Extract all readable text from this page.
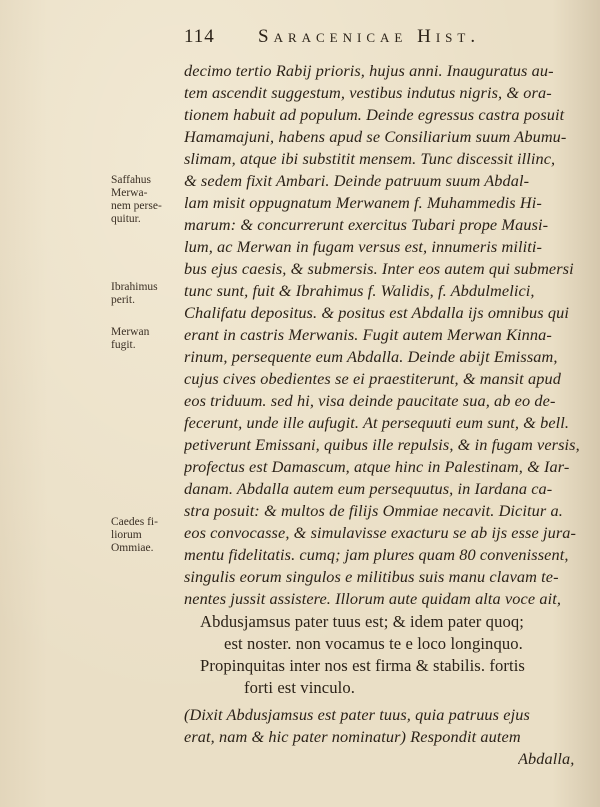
114 Saracenicae Hist.
Saffahus
Merwa-
nem perse-
quitur.
Ibrahimus
perit.
Merwan
fugit.
Caedes fi-
liorum
Ommiae.
decimo tertio Rabij prioris, hujus anni. Inauguratus au-
tem ascendit suggestum, vestibus indutus nigris, & ora-
tionem habuit ad populum. Deinde egressus castra posuit
Hamamajuni, habens apud se Consiliarium suum Abumu-
slimam, atque ibi substitit mensem. Tunc discessit illinc,
& sedem fixit Ambari. Deinde patruum suum Abdal-
lam misit oppugnatum Merwanem f. Muhammedis Hi-
marum: & concurrerunt exercitus Tubari prope Mausi-
lum, ac Merwan in fugam versus est, innumeris militi-
bus ejus caesis, & submersis. Inter eos autem qui submersi
tunc sunt, fuit & Ibrahimus f. Walidis, f. Abdulmelici,
Chalifatu depositus. & positus est Abdalla ijs omnibus qui
erant in castris Merwanis. Fugit autem Merwan Kinna-
rinum, persequente eum Abdalla. Deinde abijt Emissam,
cujus cives obedientes se ei praestiterunt, & mansit apud
eos triduum. sed hi, visa deinde paucitate sua, ab eo de-
fecerunt, unde ille aufugit. At persequuti eum sunt, & bell.
petiverunt Emissani, quibus ille repulsis, & in fugam versis,
profectus est Damascum, atque hinc in Palestinam, & Iar-
danam. Abdalla autem eum persequutus, in Iardana ca-
stra posuit: & multos de filijs Ommiae necavit. Dicitur a.
eos convocasse, & simulavisse exacturu se ab ijs esse jura-
mentu fidelitatis. cumq; jam plures quam 80 convenissent,
singulis eorum singulos e militibus suis manu clavam te-
nentes jussit assistere. Illorum aute quidam alta voce ait,
Abdusjamsus pater tuus est; & idem pater quoq;
est noster. non vocamus te e loco longinquo.
Propinquitas inter nos est firma & stabilis. fortis
forti est vinculo.
(Dixit Abdusjamsus est pater tuus, quia patruus ejus
erat, nam & hic pater nominatur) Respondit autem
Abdalla,
